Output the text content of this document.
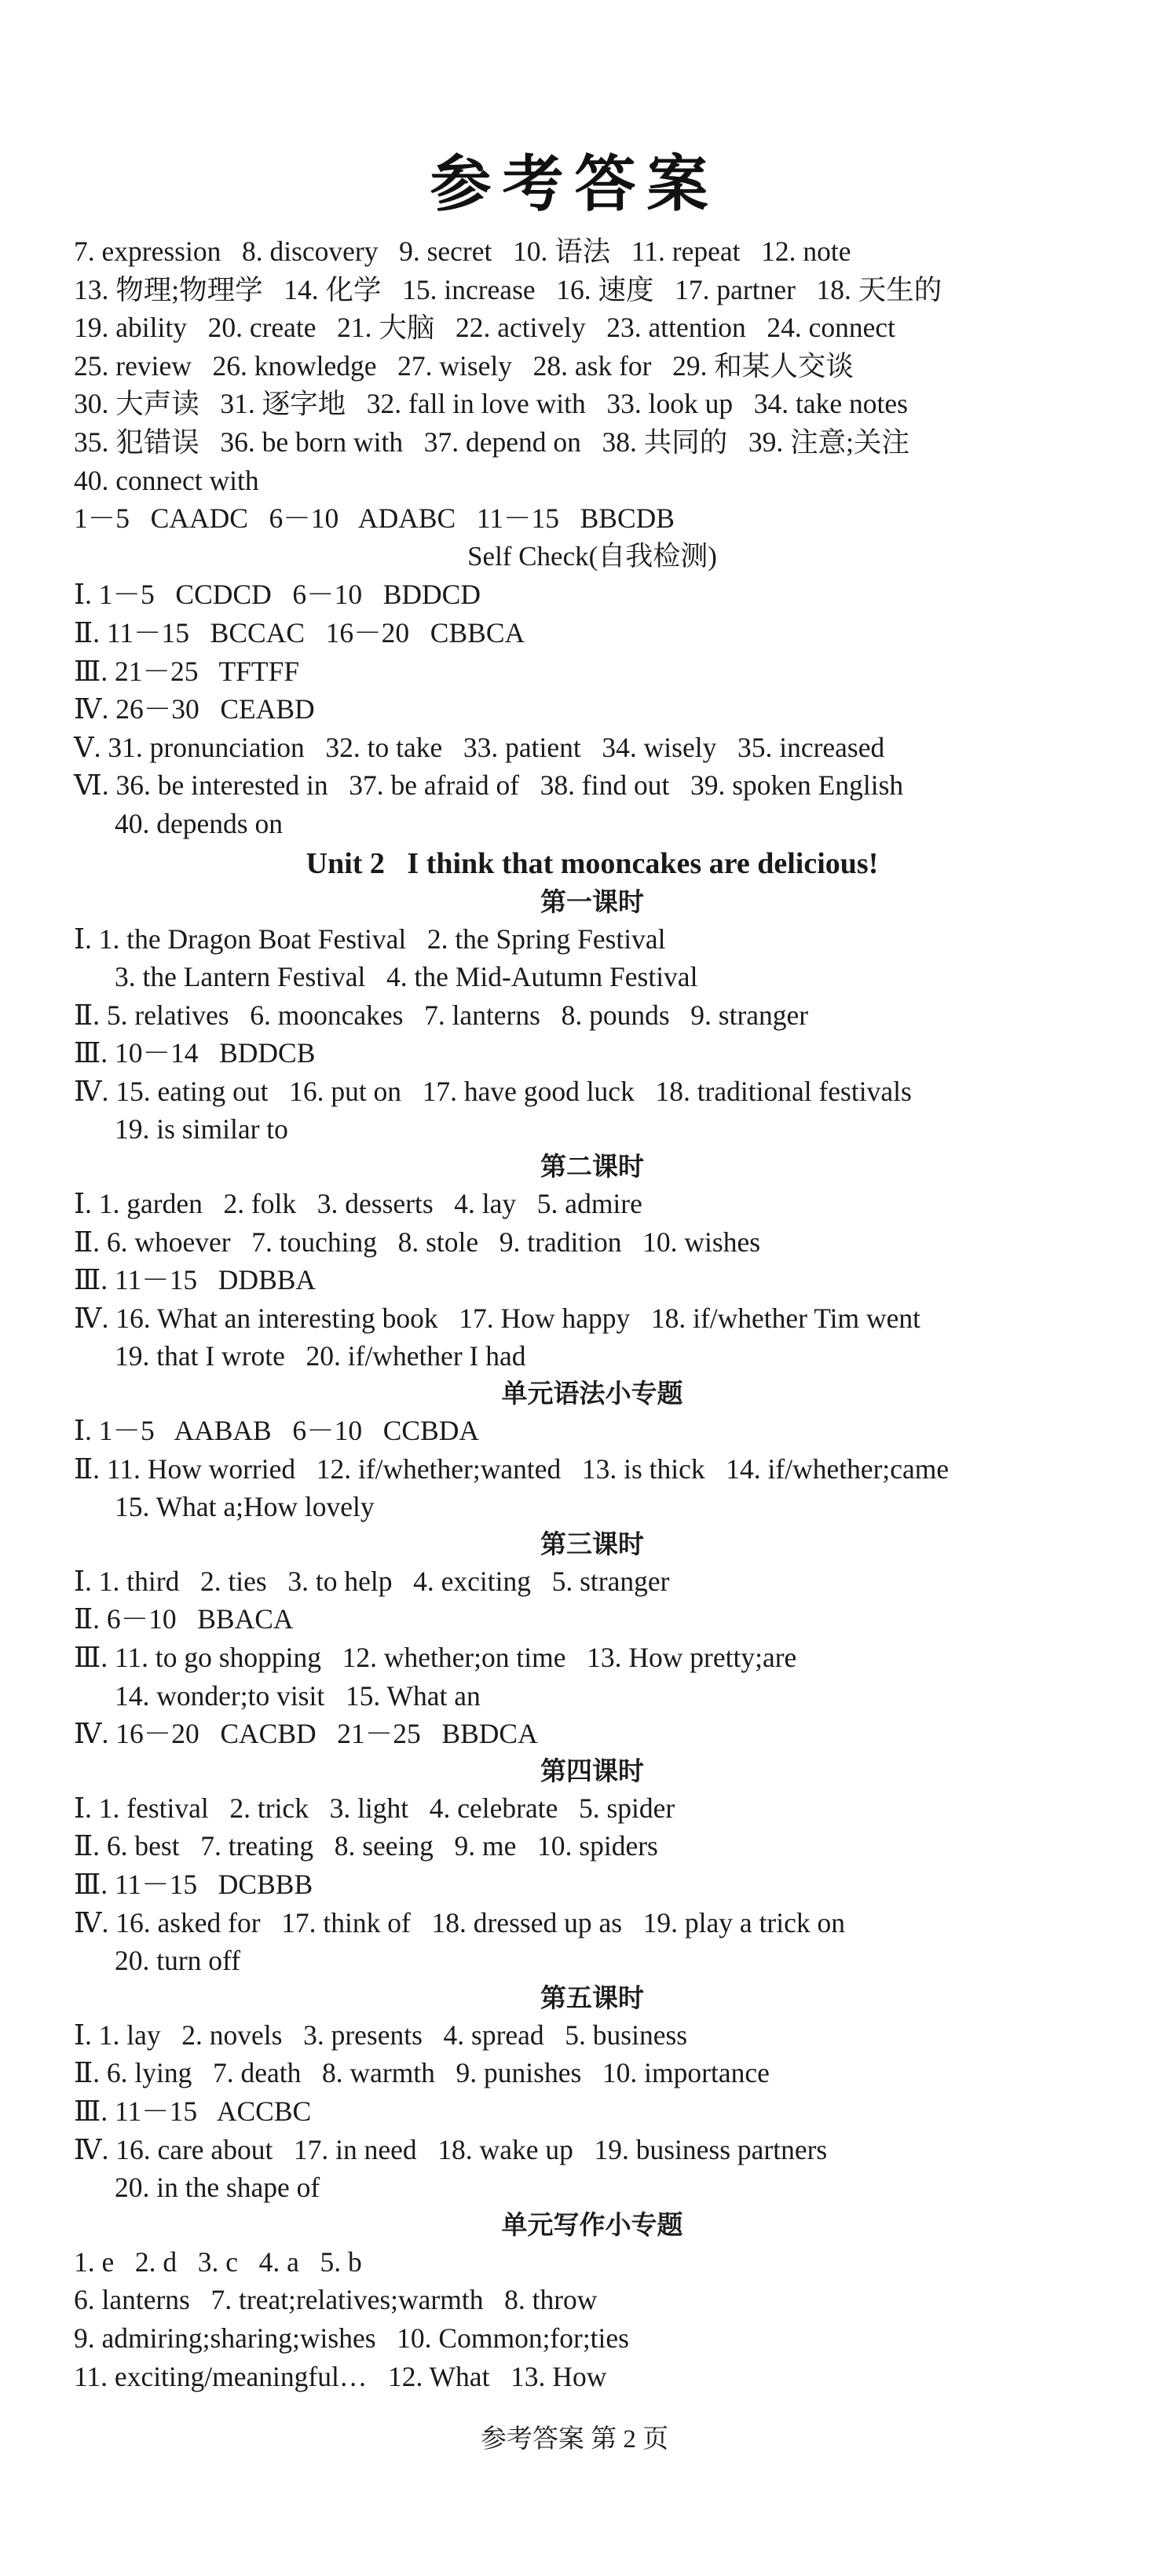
参考答案
7. expression   8. discovery   9. secret   10. 语法   11. repeat   12. note
13. 物理;物理学   14. 化学   15. increase   16. 速度   17. partner   18. 天生的
19. ability   20. create   21. 大脑   22. actively   23. attention   24. connect
25. review   26. knowledge   27. wisely   28. ask for   29. 和某人交谈
30. 大声读   31. 逐字地   32. fall in love with   33. look up   34. take notes
35. 犯错误   36. be born with   37. depend on   38. 共同的   39. 注意;关注
40. connect with
1－5   CAADC   6－10   ADABC   11－15   BBCDB
Self Check(自我检测)
Ⅰ. 1－5   CCDCD   6－10   BDDCD
Ⅱ. 11－15   BCCAC   16－20   CBBCA
Ⅲ. 21－25   TFTFF
Ⅳ. 26－30   CEABD
Ⅴ. 31. pronunciation   32. to take   33. patient   34. wisely   35. increased
Ⅵ. 36. be interested in   37. be afraid of   38. find out   39. spoken English
40. depends on
Unit 2   I think that mooncakes are delicious!
第一课时
Ⅰ. 1. the Dragon Boat Festival   2. the Spring Festival
3. the Lantern Festival   4. the Mid-Autumn Festival
Ⅱ. 5. relatives   6. mooncakes   7. lanterns   8. pounds   9. stranger
Ⅲ. 10－14   BDDCB
Ⅳ. 15. eating out   16. put on   17. have good luck   18. traditional festivals
19. is similar to
第二课时
Ⅰ. 1. garden   2. folk   3. desserts   4. lay   5. admire
Ⅱ. 6. whoever   7. touching   8. stole   9. tradition   10. wishes
Ⅲ. 11－15   DDBBA
Ⅳ. 16. What an interesting book   17. How happy   18. if/whether Tim went
19. that I wrote   20. if/whether I had
单元语法小专题
Ⅰ. 1－5   AABAB   6－10   CCBDA
Ⅱ. 11. How worried   12. if/whether;wanted   13. is thick   14. if/whether;came
15. What a;How lovely
第三课时
Ⅰ. 1. third   2. ties   3. to help   4. exciting   5. stranger
Ⅱ. 6－10   BBACA
Ⅲ. 11. to go shopping   12. whether;on time   13. How pretty;are
14. wonder;to visit   15. What an
Ⅳ. 16－20   CACBD   21－25   BBDCA
第四课时
Ⅰ. 1. festival   2. trick   3. light   4. celebrate   5. spider
Ⅱ. 6. best   7. treating   8. seeing   9. me   10. spiders
Ⅲ. 11－15   DCBBB
Ⅳ. 16. asked for   17. think of   18. dressed up as   19. play a trick on
20. turn off
第五课时
Ⅰ. 1. lay   2. novels   3. presents   4. spread   5. business
Ⅱ. 6. lying   7. death   8. warmth   9. punishes   10. importance
Ⅲ. 11－15   ACCBC
Ⅳ. 16. care about   17. in need   18. wake up   19. business partners
20. in the shape of
单元写作小专题
1. e   2. d   3. c   4. a   5. b
6. lanterns   7. treat;relatives;warmth   8. throw
9. admiring;sharing;wishes   10. Common;for;ties
11. exciting/meaningful…   12. What   13. How
参考答案 第 2 页
